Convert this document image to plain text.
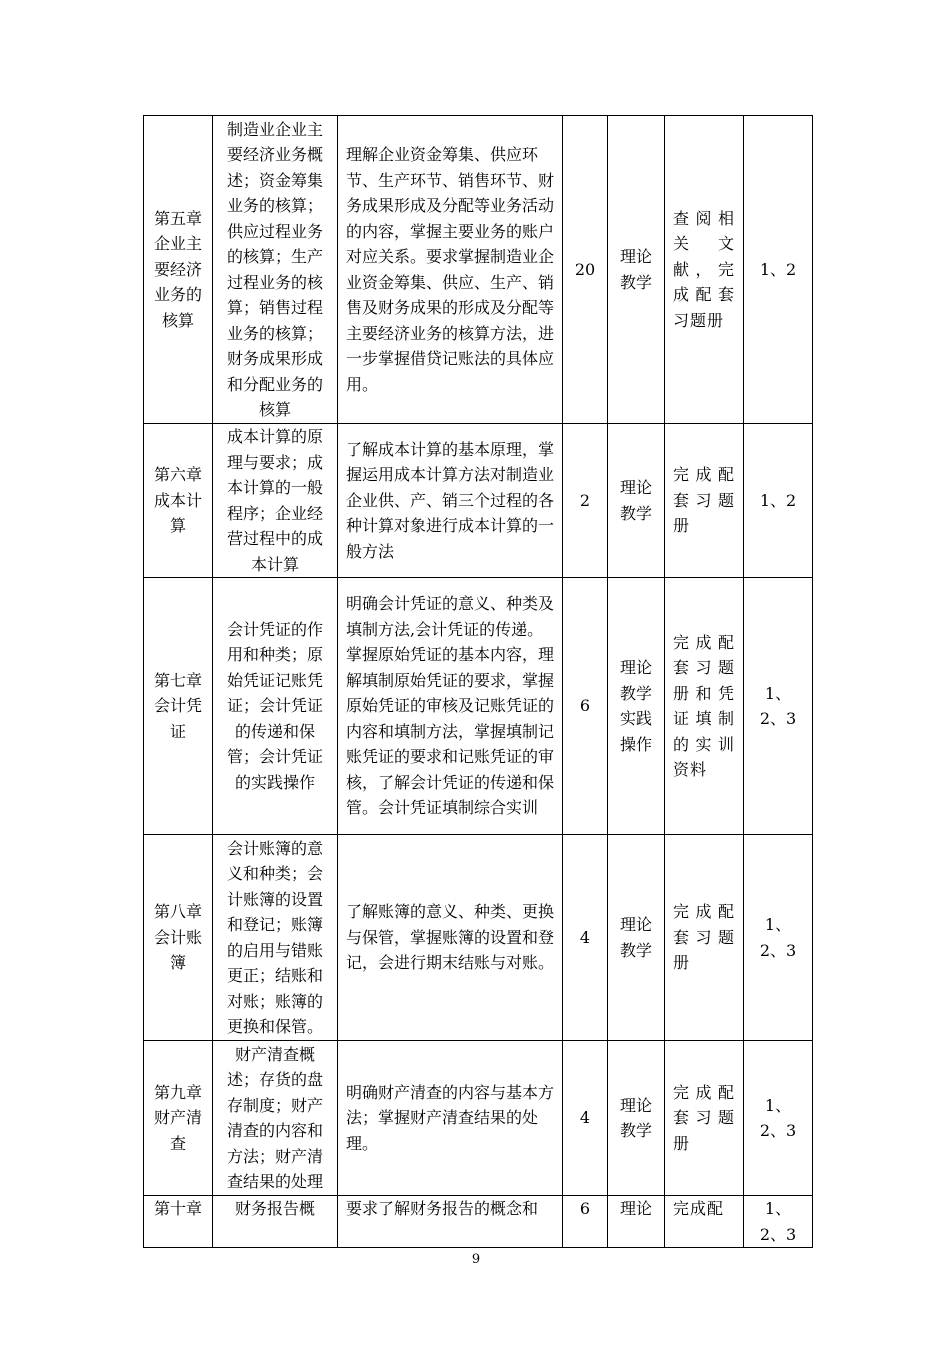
第五章企业主要经济业务的核算	制造业企业主要经济业务概述；资金筹集业务的核算；供应过程业务的核算；生产过程业务的核算；销售过程业务的核算；财务成果形成和分配业务的核算	理解企业资金筹集、供应环节、生产环节、销售环节、财务成果形成及分配等业务活动的内容，掌握主要业务的账户对应关系。要求掌握制造业企业资金筹集、供应、生产、销售及财务成果的形成及分配等主要经济业务的核算方法，进一步掌握借贷记账法的具体应用。	20	理论教学	查阅相关文献，完成配套习题册	1、2
第六章成本计算	成本计算的原理与要求；成本计算的一般程序；企业经营过程中的成本计算	了解成本计算的基本原理，掌握运用成本计算方法对制造业企业供、产、销三个过程的各种计算对象进行成本计算的一般方法	2	理论教学	完成配套习题册	1、2
第七章会计凭证	会计凭证的作用和种类；原始凭证记账凭证；会计凭证的传递和保管；会计凭证的实践操作	明确会计凭证的意义、种类及填制方法,会计凭证的传递。掌握原始凭证的基本内容，理解填制原始凭证的要求，掌握原始凭证的审核及记账凭证的内容和填制方法，掌握填制记账凭证的要求和记账凭证的审核，了解会计凭证的传递和保管。会计凭证填制综合实训	6	理论教学实践操作	完成配套习题册和凭证填制的实训资料	1、2、3
第八章会计账簿	会计账簿的意义和种类；会计账簿的设置和登记；账簿的启用与错账更正；结账和对账；账簿的更换和保管。	了解账簿的意义、种类、更换与保管，掌握账簿的设置和登记，会进行期末结账与对账。	4	理论教学	完成配套习题册	1、2、3
第九章财产清查	财产清查概述；存货的盘存制度；财产清查的内容和方法；财产清查结果的处理	明确财产清查的内容与基本方法；掌握财产清查结果的处理。	4	理论教学	完成配套习题册	1、2、3
第十章	财务报告概	要求了解财务报告的概念和	6	理论	完成配	1、2、3
9
